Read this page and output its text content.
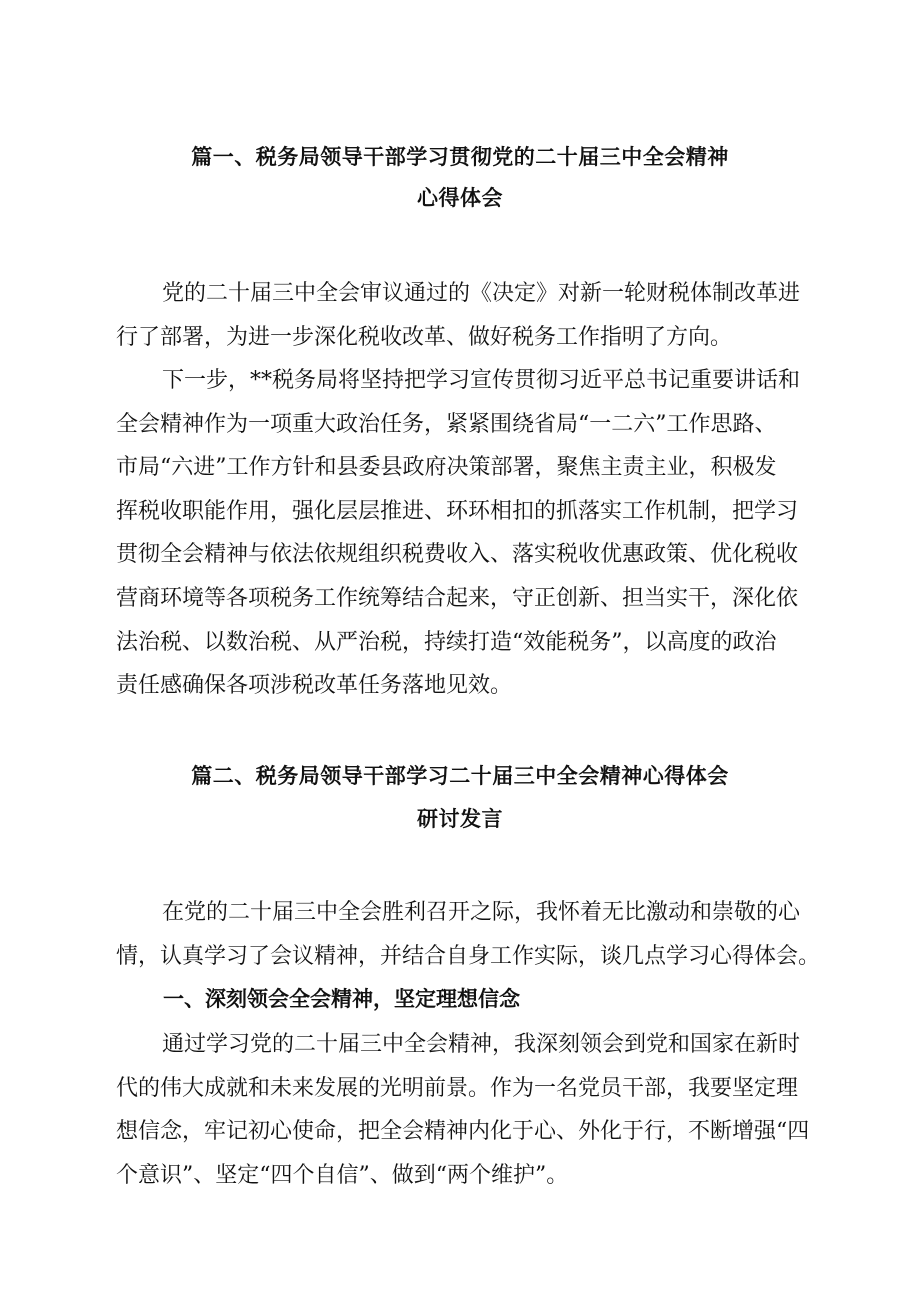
篇一、税务局领导干部学习贯彻党的二十届三中全会精神
心得体会
党的二十届三中全会审议通过的《决定》对新一轮财税体制改革进
行了部署，为进一步深化税收改革、做好税务工作指明了方向。
下一步，**税务局将坚持把学习宣传贯彻习近平总书记重要讲话和
全会精神作为一项重大政治任务，紧紧围绕省局“一二六”工作思路、
市局“六进”工作方针和县委县政府决策部署，聚焦主责主业，积极发
挥税收职能作用，强化层层推进、环环相扣的抓落实工作机制，把学习
贯彻全会精神与依法依规组织税费收入、落实税收优惠政策、优化税收
营商环境等各项税务工作统筹结合起来，守正创新、担当实干，深化依
法治税、以数治税、从严治税，持续打造“效能税务”，以高度的政治
责任感确保各项涉税改革任务落地见效。
篇二、税务局领导干部学习二十届三中全会精神心得体会
研讨发言
在党的二十届三中全会胜利召开之际，我怀着无比激动和崇敬的心
情，认真学习了会议精神，并结合自身工作实际，谈几点学习心得体会。
一、深刻领会全会精神，坚定理想信念
通过学习党的二十届三中全会精神，我深刻领会到党和国家在新时
代的伟大成就和未来发展的光明前景。作为一名党员干部，我要坚定理
想信念，牢记初心使命，把全会精神内化于心、外化于行，不断增强“四
个意识”、坚定“四个自信”、做到“两个维护”。
